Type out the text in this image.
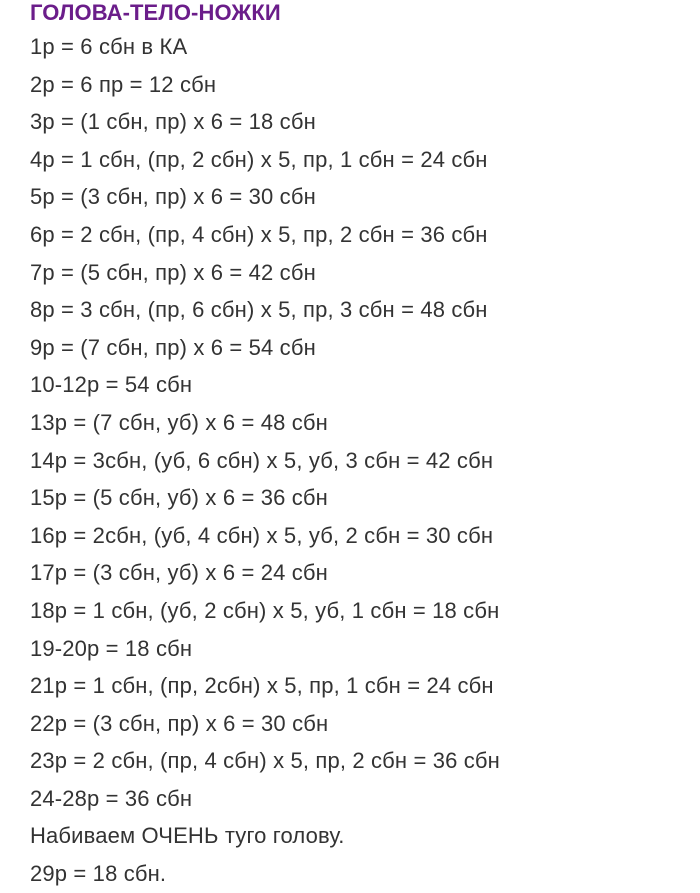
ГОЛОВА-ТЕЛО-НОЖКИ
1р = 6 сбн в КА
2р = 6 пр = 12 сбн
3р = (1 сбн, пр) х 6 = 18 сбн
4р = 1 сбн, (пр, 2 сбн) х 5, пр, 1 сбн = 24 сбн
5р = (3 сбн, пр) х 6 = 30 сбн
6р = 2 сбн, (пр, 4 сбн) х 5, пр, 2 сбн = 36 сбн
7р = (5 сбн, пр) х 6 = 42 сбн
8р = 3 сбн, (пр, 6 сбн) х 5, пр, 3 сбн = 48 сбн
9р = (7 сбн, пр) х 6 = 54 сбн
10-12р = 54 сбн
13р = (7 сбн, уб) х 6 = 48 сбн
14р = 3сбн, (уб, 6 сбн) х 5, уб, 3 сбн = 42 сбн
15р = (5 сбн, уб) х 6 = 36 сбн
16р = 2сбн, (уб, 4 сбн) х 5, уб, 2 сбн = 30 сбн
17р = (3 сбн, уб) х 6 = 24 сбн
18р = 1 сбн, (уб, 2 сбн) х 5, уб, 1 сбн = 18 сбн
19-20р = 18 сбн
21р = 1 сбн, (пр, 2сбн) х 5, пр, 1 сбн = 24 сбн
22р = (3 сбн, пр) х 6 = 30 сбн
23р = 2 сбн, (пр, 4 сбн) х 5, пр, 2 сбн = 36 сбн
24-28р = 36 сбн
Набиваем ОЧЕНЬ туго голову.
29р = 18 сбн.
